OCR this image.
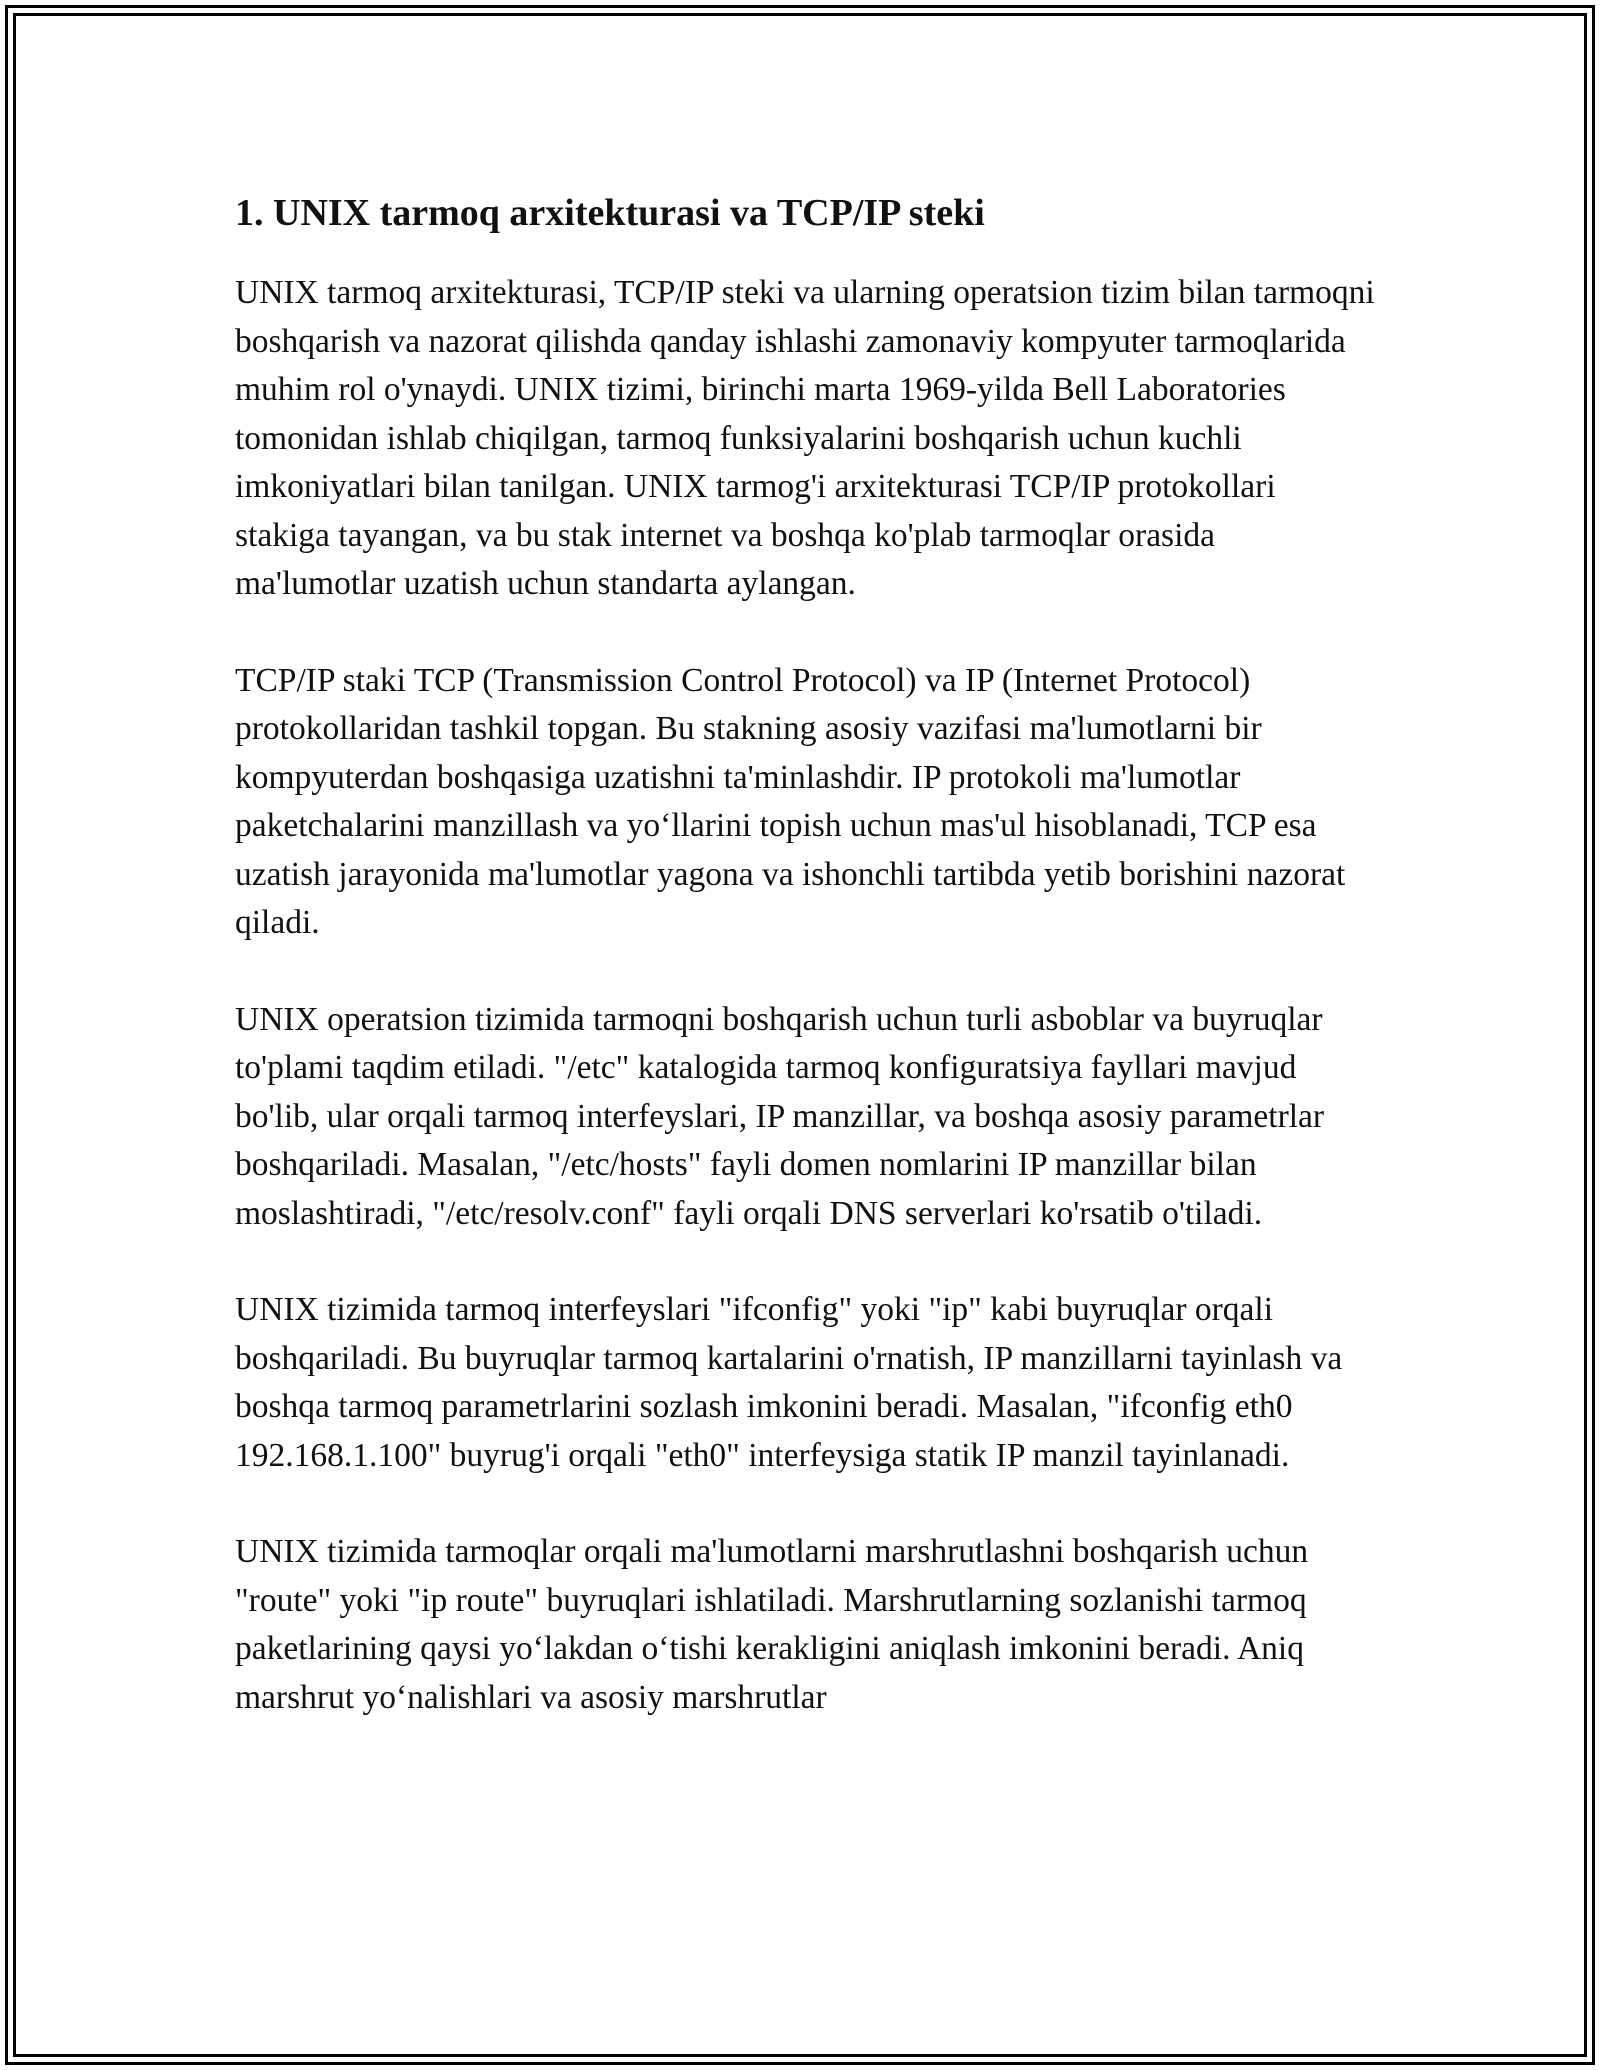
1. UNIX tarmoq arxitekturasi va TCP/IP steki

UNIX tarmoq arxitekturasi, TCP/IP steki va ularning operatsion tizim bilan tarmoqni boshqarish va nazorat qilishda qanday ishlashi zamonaviy kompyuter tarmoqlarida muhim rol o'ynaydi. UNIX tizimi, birinchi marta 1969-yilda Bell Laboratories tomonidan ishlab chiqilgan, tarmoq funksiyalarini boshqarish uchun kuchli imkoniyatlari bilan tanilgan. UNIX tarmog'i arxitekturasi TCP/IP protokollari stakiga tayangan, va bu stak internet va boshqa ko'plab tarmoqlar orasida ma'lumotlar uzatish uchun standarta aylangan.

TCP/IP staki TCP (Transmission Control Protocol) va IP (Internet Protocol) protokollaridan tashkil topgan. Bu stakning asosiy vazifasi ma'lumotlarni bir kompyuterdan boshqasiga uzatishni ta'minlashdir. IP protokoli ma'lumotlar paketchalarini manzillash va yo‘llarini topish uchun mas'ul hisoblanadi, TCP esa uzatish jarayonida ma'lumotlar yagona va ishonchli tartibda yetib borishini nazorat qiladi.

UNIX operatsion tizimida tarmoqni boshqarish uchun turli asboblar va buyruqlar to'plami taqdim etiladi. "/etc" katalogida tarmoq konfiguratsiya fayllari mavjud bo'lib, ular orqali tarmoq interfeyslari, IP manzillar, va boshqa asosiy parametrlar boshqariladi. Masalan, "/etc/hosts" fayli domen nomlarini IP manzillar bilan moslashtiradi, "/etc/resolv.conf" fayli orqali DNS serverlari ko'rsatib o'tiladi.

UNIX tizimida tarmoq interfeyslari "ifconfig" yoki "ip" kabi buyruqlar orqali boshqariladi. Bu buyruqlar tarmoq kartalarini o'rnatish, IP manzillarni tayinlash va boshqa tarmoq parametrlarini sozlash imkonini beradi. Masalan, "ifconfig eth0 192.168.1.100" buyrug'i orqali "eth0" interfeysiga statik IP manzil tayinlanadi.

UNIX tizimida tarmoqlar orqali ma'lumotlarni marshrutlashni boshqarish uchun "route" yoki "ip route" buyruqlari ishlatiladi. Marshrutlarning sozlanishi tarmoq paketlarining qaysi yo‘lakdan o‘tishi kerakligini aniqlash imkonini beradi. Aniq marshrut yo‘nalishlari va asosiy marshrutlar
